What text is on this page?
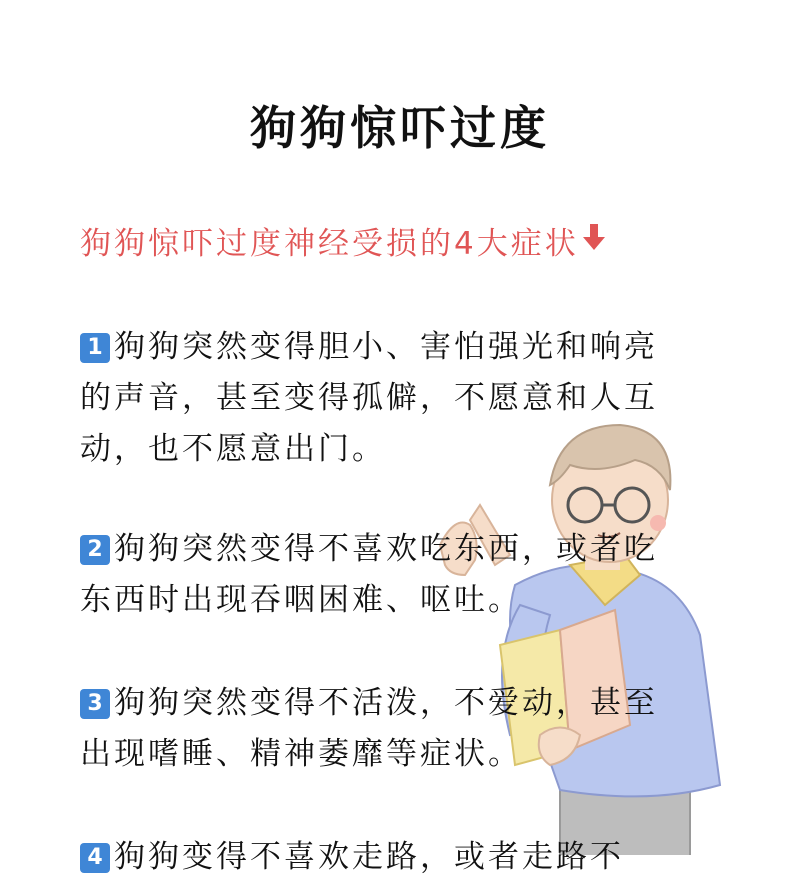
狗狗惊吓过度
狗狗惊吓过度神经受损的4大症状
1 狗狗突然变得胆小、害怕强光和响亮的声音，甚至变得孤僻，不愿意和人互动，也不愿意出门。
2 狗狗突然变得不喜欢吃东西，或者吃东西时出现吞咽困难、呕吐。
3 狗狗突然变得不活泼，不爱动，甚至出现嗜睡、精神萎靡等症状。
4 狗狗变得不喜欢走路，或者走路不
